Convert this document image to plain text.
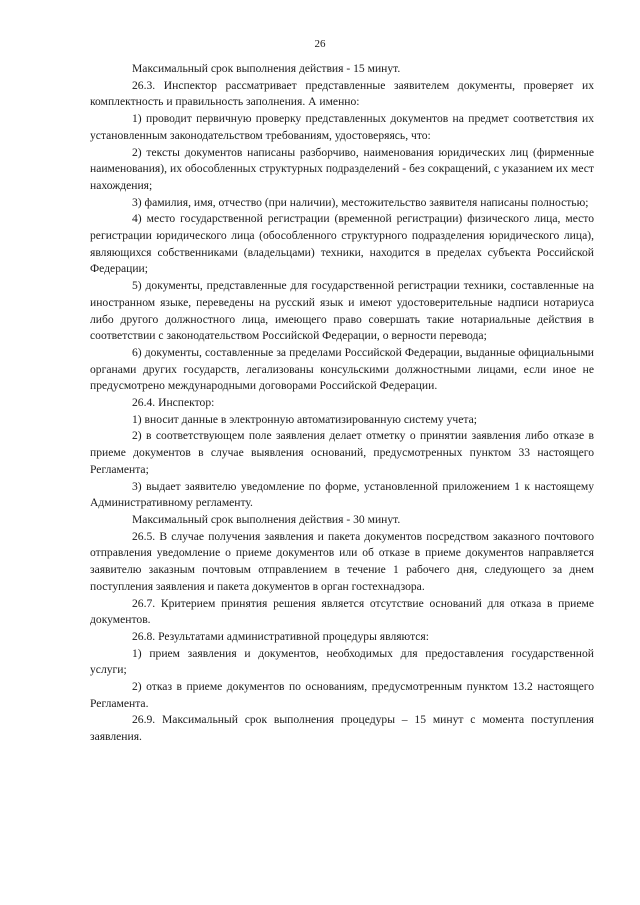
26

Максимальный срок выполнения действия - 15 минут.

26.3. Инспектор рассматривает представленные заявителем документы, проверяет их комплектность и правильность заполнения. А именно:

1) проводит первичную проверку представленных документов на предмет соответствия их установленным законодательством требованиям, удостоверяясь, что:

2) тексты документов написаны разборчиво, наименования юридических лиц (фирменные наименования), их обособленных структурных подразделений - без сокращений, с указанием их мест нахождения;

3) фамилия, имя, отчество (при наличии), местожительство заявителя написаны полностью;

4) место государственной регистрации (временной регистрации) физического лица, место регистрации юридического лица (обособленного структурного подразделения юридического лица), являющихся собственниками (владельцами) техники, находится в пределах субъекта Российской Федерации;

5) документы, представленные для государственной регистрации техники, составленные на иностранном языке, переведены на русский язык и имеют удостоверительные надписи нотариуса либо другого должностного лица, имеющего право совершать такие нотариальные действия в соответствии с законодательством Российской Федерации, о верности перевода;

6) документы, составленные за пределами Российской Федерации, выданные официальными органами других государств, легализованы консульскими должностными лицами, если иное не предусмотрено международными договорами Российской Федерации.

26.4. Инспектор:

1) вносит данные в электронную автоматизированную систему учета;

2) в соответствующем поле заявления делает отметку о принятии заявления либо отказе в приеме документов в случае выявления оснований, предусмотренных пунктом 33 настоящего Регламента;

3) выдает заявителю уведомление по форме, установленной приложением 1 к настоящему Административному регламенту.

Максимальный срок выполнения действия - 30 минут.

26.5. В случае получения заявления и пакета документов посредством заказного почтового отправления уведомление о приеме документов или об отказе в приеме документов направляется заявителю заказным почтовым отправлением в течение 1 рабочего дня, следующего за днем поступления заявления и пакета документов в орган гостехнадзора.

26.7. Критерием принятия решения является отсутствие оснований для отказа в приеме документов.

26.8. Результатами административной процедуры являются:

1) прием заявления и документов, необходимых для предоставления государственной услуги;

2) отказ в приеме документов по основаниям, предусмотренным пунктом 13.2 настоящего Регламента.

26.9. Максимальный срок выполнения процедуры – 15 минут с момента поступления заявления.
